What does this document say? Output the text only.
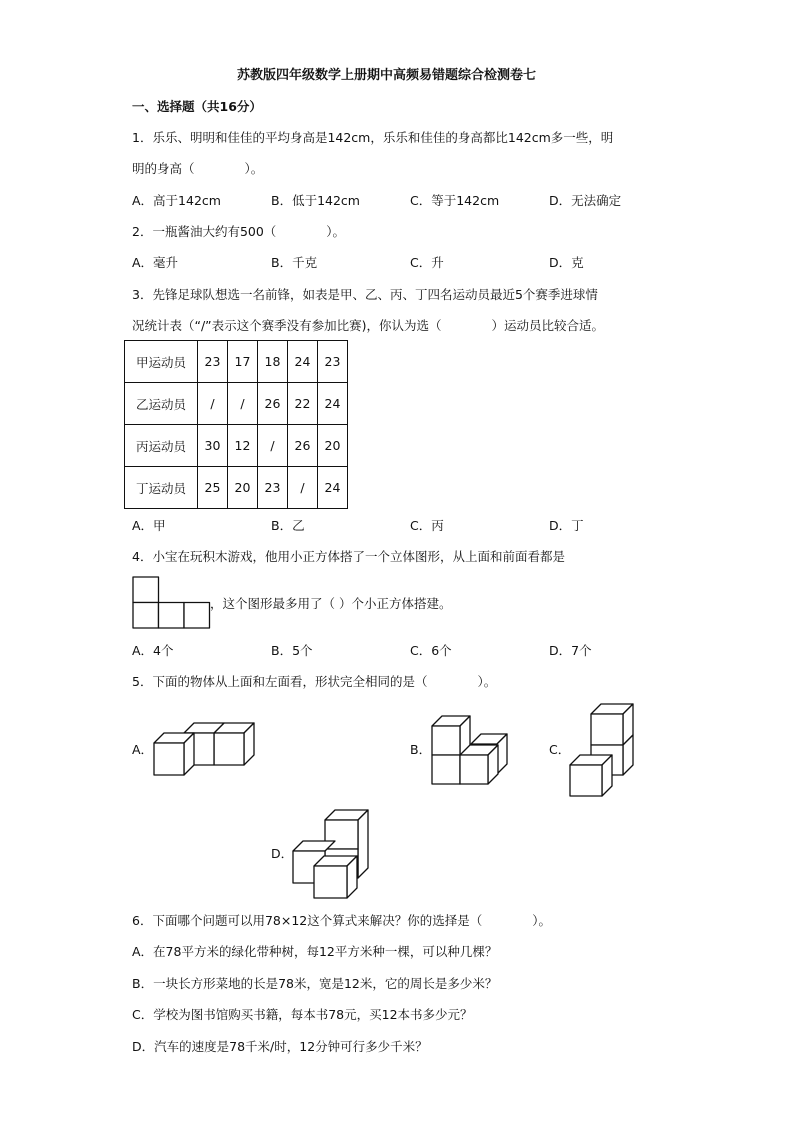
苏教版四年级数学上册期中高频易错题综合检测卷七
一、选择题（共16分）
1．乐乐、明明和佳佳的平均身高是142cm，乐乐和佳佳的身高都比142cm多一些，明
明的身高（　　　　）。
A．高于142cm	B．低于142cm	C．等于142cm	D．无法确定
2．一瓶酱油大约有500（　　　　）。
A．毫升	B．千克	C．升	D．克
3．先锋足球队想选一名前锋，如表是甲、乙、丙、丁四名运动员最近5个赛季进球情
况统计表（“/”表示这个赛季没有参加比赛)，你认为选（　　　　）运动员比较合适。
甲运动员	23	17	18	24	23
乙运动员	/	/	26	22	24
丙运动员	30	12	/	26	20
丁运动员	25	20	23	/	24
A．甲	B．乙	C．丙	D．丁
4．小宝在玩积木游戏，他用小正方体搭了一个立体图形，从上面和前面看都是
，这个图形最多用了（ ）个小正方体搭建。
A．4个	B．5个	C．6个	D．7个
5．下面的物体从上面和左面看，形状完全相同的是（　　　　）。
A．	B．	C．
D．
6．下面哪个问题可以用78×12这个算式来解决？你的选择是（　　　　）。
A．在78平方米的绿化带种树，每12平方米种一棵，可以种几棵？
B．一块长方形菜地的长是78米，宽是12米，它的周长是多少米？
C．学校为图书馆购买书籍，每本书78元，买12本书多少元？
D．汽车的速度是78千米/时，12分钟可行多少千米？
